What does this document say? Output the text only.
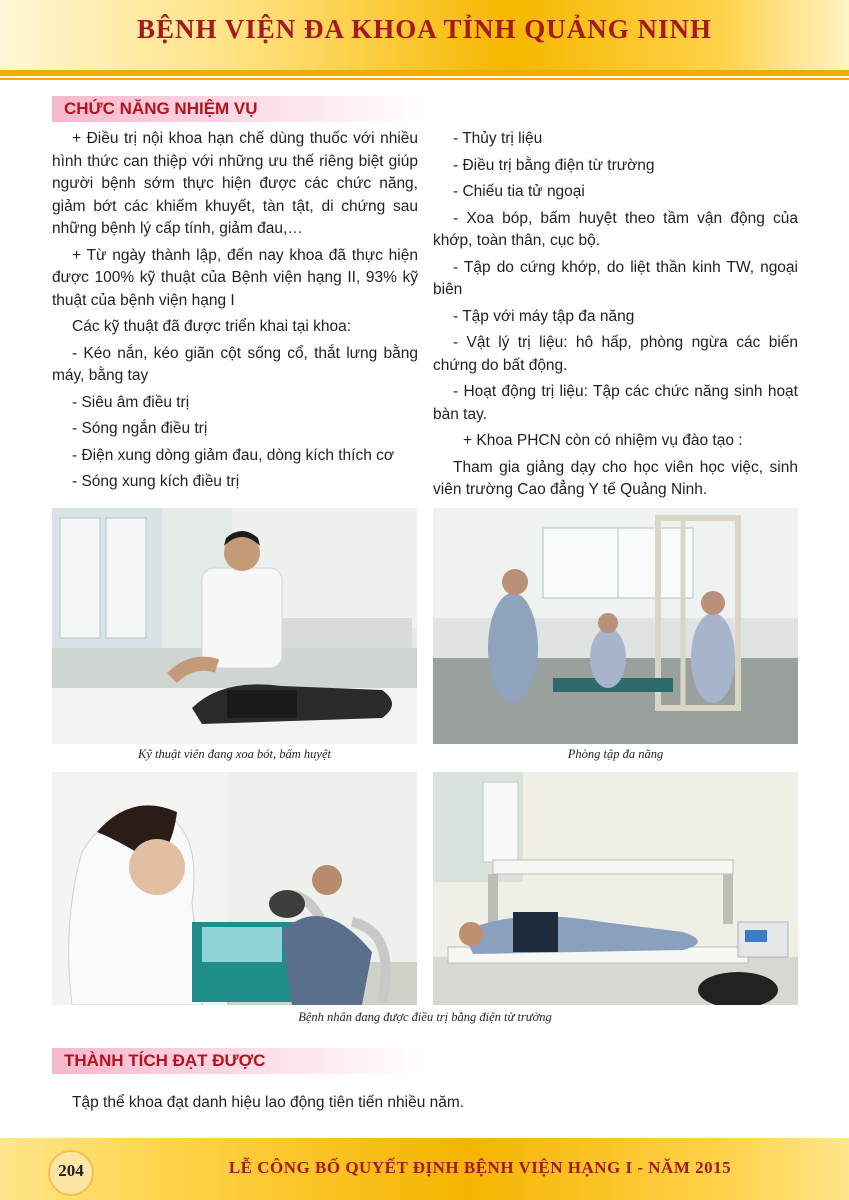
BỆNH VIỆN ĐA KHOA TỈNH QUẢNG NINH
CHỨC NĂNG NHIỆM VỤ

+ Điều trị nội khoa hạn chế dùng thuốc với nhiều hình thức can thiệp với những ưu thế riêng biệt giúp người bệnh sớm thực hiện được các chức năng, giảm bớt các khiếm khuyết, tàn tật, di chứng sau những bệnh lý cấp tính, giảm đau,…

+ Từ ngày thành lập, đến nay khoa đã thực hiện được 100% kỹ thuật của Bệnh viện hạng II, 93% kỹ thuật của bệnh viện hạng I

Các kỹ thuật đã được triển khai tại khoa:

- Kéo nắn, kéo giãn cột sống cổ, thắt lưng bằng máy, bằng tay

- Siêu âm điều trị

- Sóng ngắn điều trị

- Điện xung dòng giảm đau, dòng kích thích cơ

- Sóng xung kích điều trị

- Thủy trị liệu

- Điều trị bằng điện từ trường

- Chiếu tia tử ngoại

- Xoa bóp, bấm huyệt theo tầm vận động của khớp, toàn thân, cục bộ.

- Tập do cứng khớp, do liệt thần kinh TW, ngoại biên

- Tập với máy tập đa năng

- Vật lý trị liệu: hô hấp, phòng ngừa các biến chứng do bất động.

- Hoạt động trị liệu: Tập các chức năng sinh hoạt bàn tay.

+ Khoa PHCN còn có nhiệm vụ đào tạo :

Tham gia giảng dạy cho học viên học việc, sinh viên trường Cao đẳng Y tế Quảng Ninh.

Kỹ thuật viên đang xoa bót, bấm huyệt	Phòng tập đa năng
Bệnh nhân đang được điều trị bằng điện từ trường
THÀNH TÍCH ĐẠT ĐƯỢC

Tập thể khoa đạt danh hiệu lao động tiên tiến nhiều năm.

204	LỄ CÔNG BỐ QUYẾT ĐỊNH BỆNH VIỆN HẠNG I - NĂM 2015
